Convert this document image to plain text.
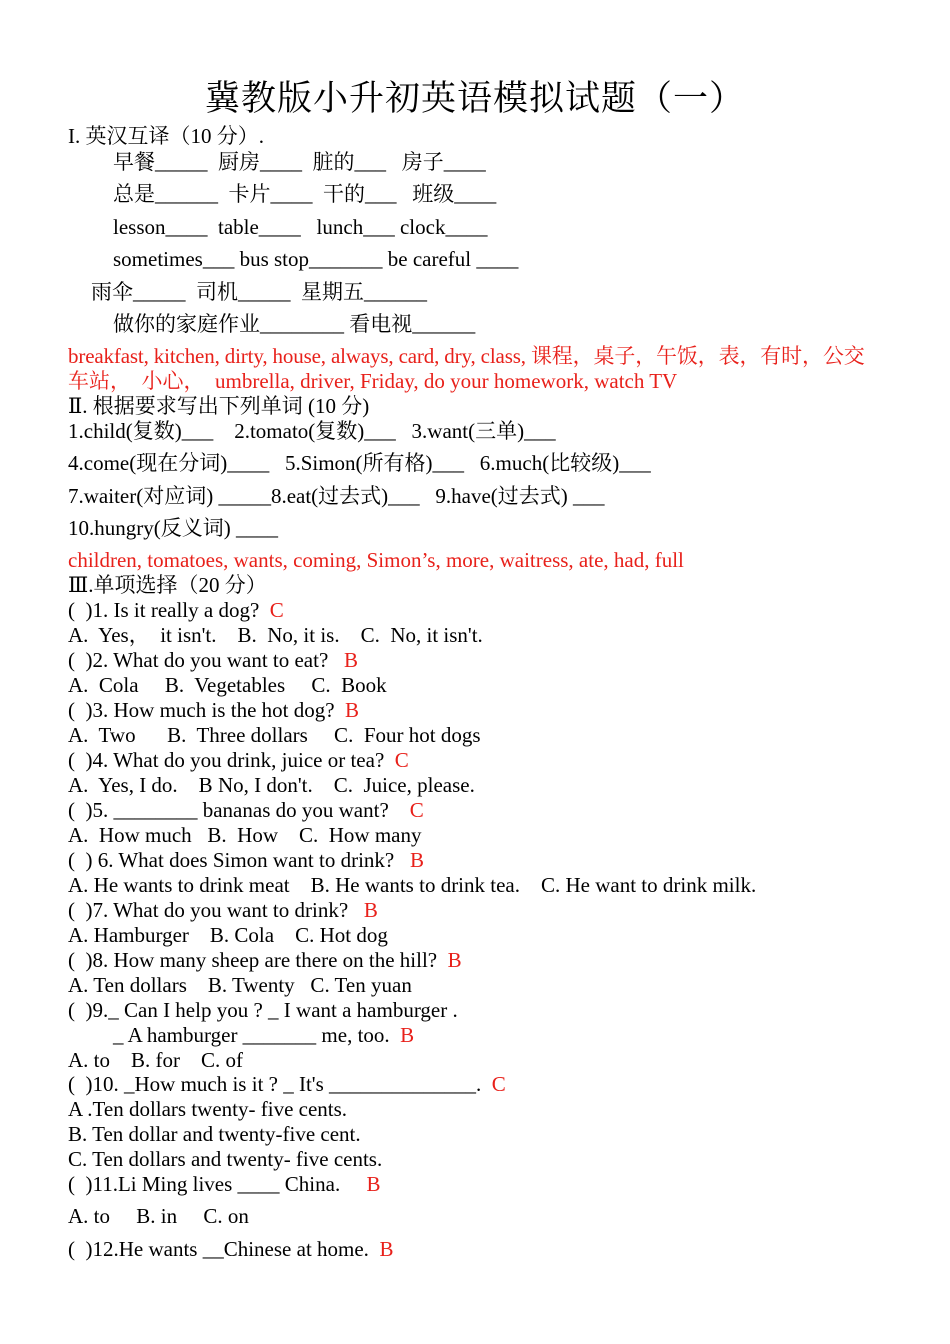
冀教版小升初英语模拟试题（一）
I. 英汉互译（10 分）.
早餐_____  厨房____  脏的___   房子____
总是______  卡片____  干的___   班级____
lesson____  table____   lunch___ clock____
sometimes___ bus stop_______ be careful ____
雨伞_____  司机_____  星期五______
做你的家庭作业________ 看电视______
breakfast, kitchen, dirty, house, always, card, dry, class, 课程，桌子，午饭，表，有时，公交
车站，  小心，  umbrella, driver, Friday, do your homework, watch TV
Ⅱ. 根据要求写出下列单词 (10 分)
1.child(复数)___    2.tomato(复数)___   3.want(三单)___
4.come(现在分词)____   5.Simon(所有格)___   6.much(比较级)___
7.waiter(对应词) _____8.eat(过去式)___   9.have(过去式) ___
10.hungry(反义词) ____
children, tomatoes, wants, coming, Simon’s, more, waitress, ate, had, full
Ⅲ.单项选择（20 分）
(  )1. Is it really a dog?  C
A.  Yes，  it isn't.    B.  No, it is.    C.  No, it isn't.
(  )2. What do you want to eat?   B
A.  Cola     B.  Vegetables     C.  Book
(  )3. How much is the hot dog?  B
A.  Two      B.  Three dollars     C.  Four hot dogs
(  )4. What do you drink, juice or tea?  C
A.  Yes, I do.    B No, I don't.    C.  Juice, please.
(  )5. ________ bananas do you want?    C
A.  How much   B.  How    C.  How many
(  ) 6. What does Simon want to drink?   B
A. He wants to drink meat    B. He wants to drink tea.    C. He want to drink milk.
(  )7. What do you want to drink?   B
A. Hamburger    B. Cola    C. Hot dog
(  )8. How many sheep are there on the hill?  B
A. Ten dollars    B. Twenty   C. Ten yuan
(  )9._ Can I help you ? _ I want a hamburger .
_ A hamburger _______ me, too.  B
A. to    B. for    C. of
(  )10. _How much is it ? _ It's ______________.  C
A .Ten dollars twenty- five cents.
B. Ten dollar and twenty-five cent.
C. Ten dollars and twenty- five cents.
(  )11.Li Ming lives ____ China.     B
A. to     B. in     C. on
(  )12.He wants __Chinese at home.  B
